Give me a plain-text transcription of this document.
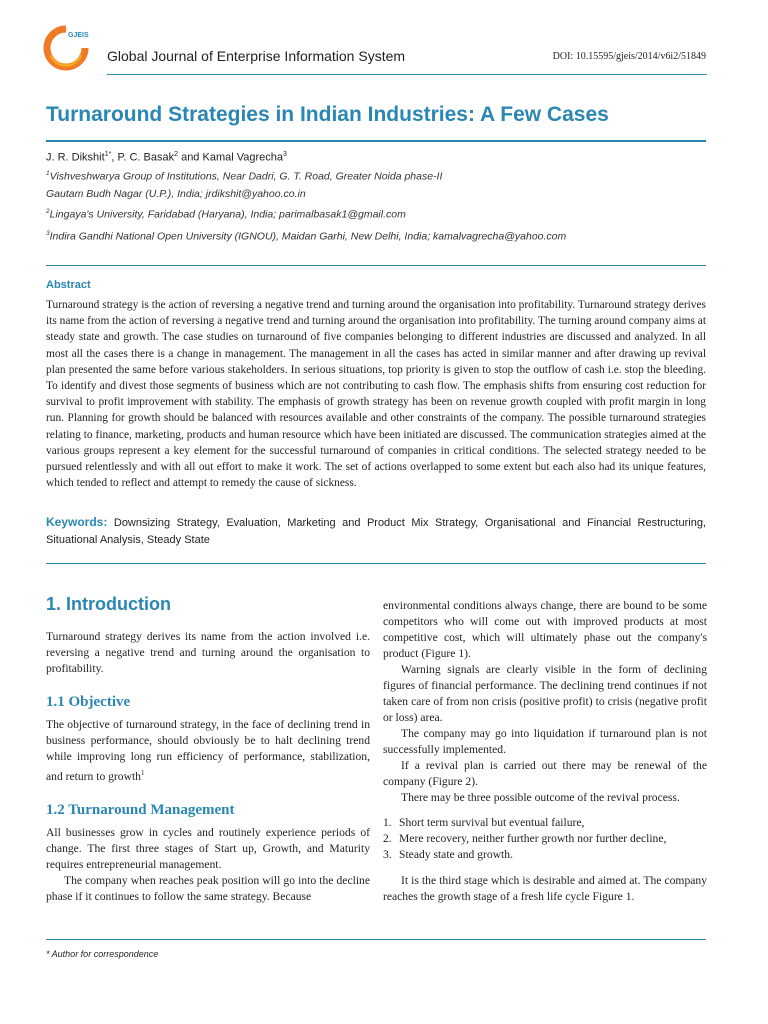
GJEIS
Global Journal of Enterprise Information System	DOI: 10.15595/gjeis/2014/v6i2/51849
Turnaround Strategies in Indian Industries: A Few Cases
J. R. Dikshit$^{1*}$, P. C. Basak$^2$ and Kamal Vagrecha$^3$
$^1$Vishveshwarya Group of Institutions, Near Dadri, G. T. Road, Greater Noida phase-II
Gautam Budh Nagar (U.P.), India; jrdikshit@yahoo.co.in
$^2$Lingaya's University, Faridabad (Haryana), India; parimalbasak1@gmail.com
$^3$Indira Gandhi National Open University (IGNOU), Maidan Garhi, New Delhi, India; kamalvagrecha@yahoo.com
Abstract

Turnaround strategy is the action of reversing a negative trend and turning around the organisation into profitability. Turnaround strategy derives its name from the action of reversing a negative trend and turning around the organisation into profitability. The turning around company aims at steady state and growth. The case studies on turnaround of five companies belonging to different industries are discussed and analyzed. In all most all the cases there is a change in management. The management in all the cases has acted in similar manner and after drawing up revival plan presented the same before various stakeholders. In serious situations, top priority is given to stop the outflow of cash i.e. stop the bleeding. To identify and divest those segments of business which are not contributing to cash flow. The emphasis shifts from ensuring cost reduction for survival to profit improvement with stability. The emphasis of growth strategy has been on revenue growth coupled with profit margin in long run. Planning for growth should be balanced with resources available and other constraints of the company. The possible turnaround strategies relating to finance, marketing, products and human resource which have been initiated are discussed. The communication strategies aimed at the various groups represent a key element for the successful turnaround of companies in critical conditions. The selected strategy needed to be pursued relentlessly and with all out effort to make it work. The set of actions overlapped to some extent but each also had its unique features, which tended to reflect and attempt to remedy the cause of sickness.

Keywords: Downsizing Strategy, Evaluation, Marketing and Product Mix Strategy, Organisational and Financial Restructuring, Situational Analysis, Steady State

1. Introduction

Turnaround strategy derives its name from the action involved i.e. reversing a negative trend and turning around the organisation to profitability.

1.1 Objective

The objective of turnaround strategy, in the face of declining trend in business performance, should obviously be to halt declining trend while improving long run efficiency of performance, stabilization, and return to growth$^1$

1.2 Turnaround Management

All businesses grow in cycles and routinely experience periods of change. The first three stages of Start up, Growth, and Maturity requires entrepreneurial management.

The company when reaches peak position will go into the decline phase if it continues to follow the same strategy. Because

environmental conditions always change, there are bound to be some competitors who will come out with improved products at most competitive cost, which will ultimately phase out the company's product (Figure 1).

Warning signals are clearly visible in the form of declining figures of financial performance. The declining trend continues if not taken care of from non crisis (positive profit) to crisis (negative profit or loss) area.

The company may go into liquidation if turnaround plan is not successfully implemented.

If a revival plan is carried out there may be renewal of the company (Figure 2).

There may be three possible outcome of the revival process.

1. Short term survival but eventual failure,
2. Mere recovery, neither further growth nor further decline,
3. Steady state and growth.

It is the third stage which is desirable and aimed at. The company reaches the growth stage of a fresh life cycle Figure 1.

* Author for correspondence
